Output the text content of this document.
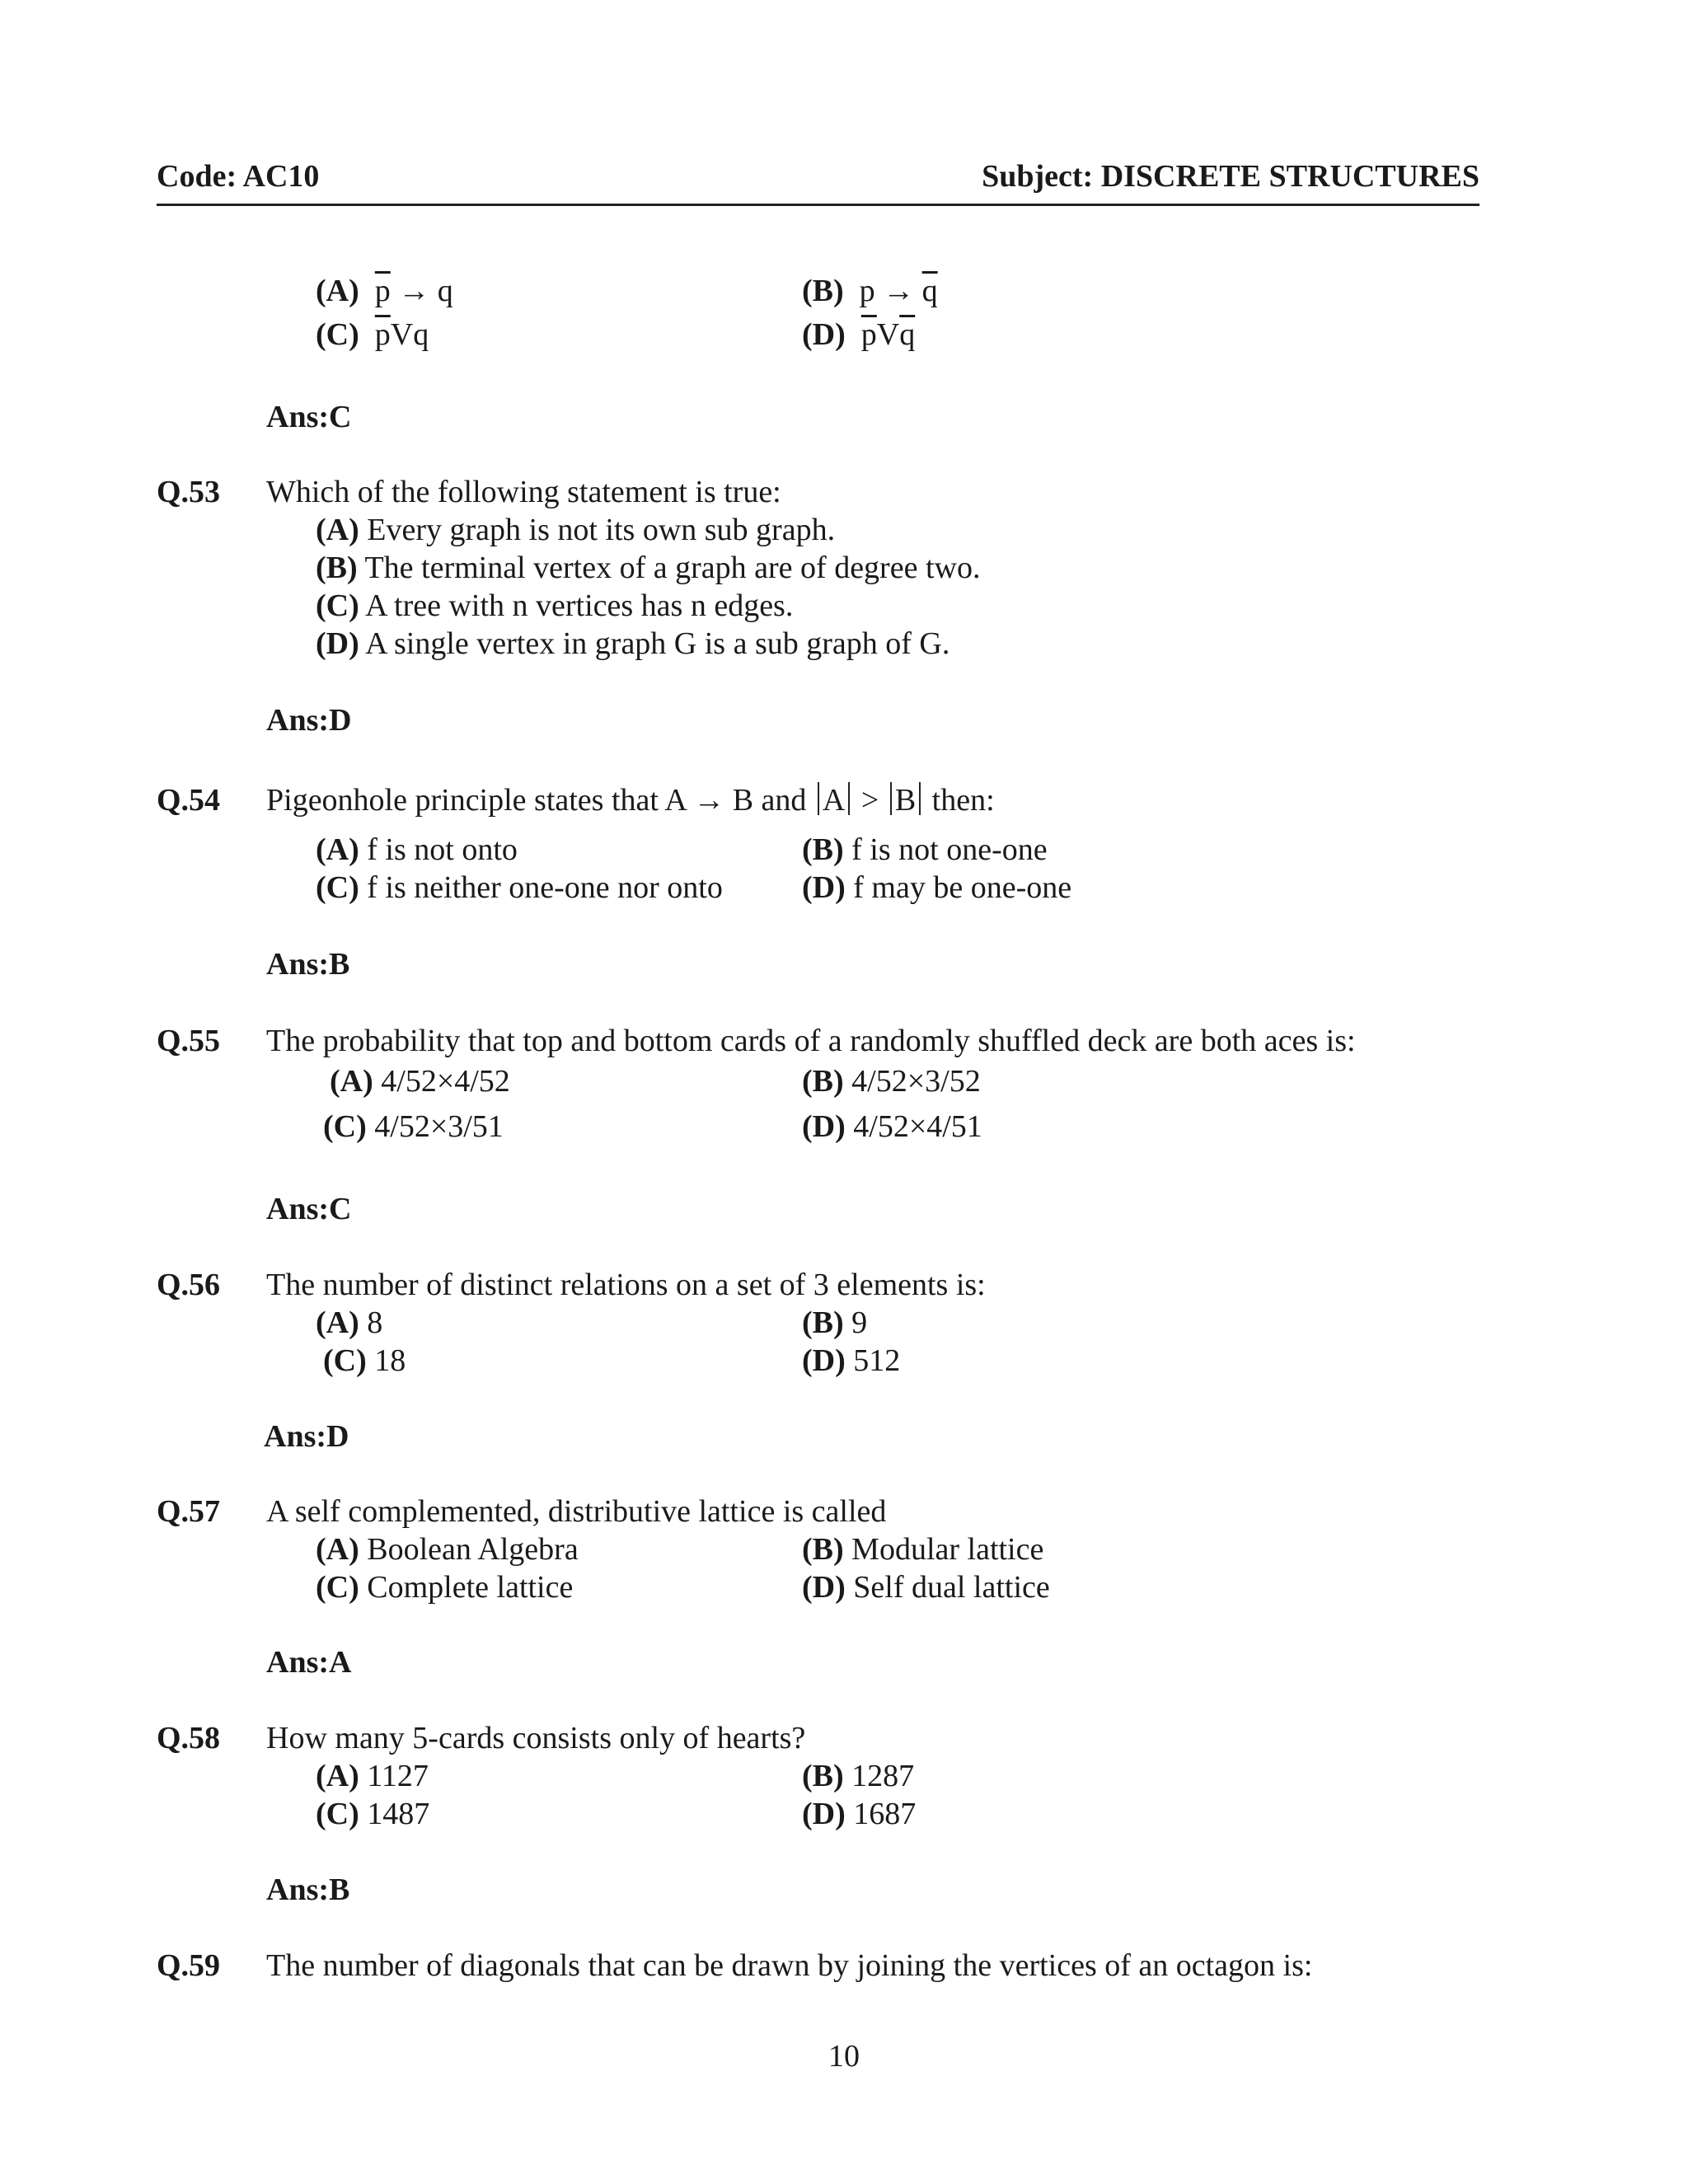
Code: AC10	Subject: DISCRETE STRUCTURES
(A) $\overline{p} \to q$	(B) $p \to \overline{q}$
(C) $\overline{p}Vq$	(D) $\overline{p}V\overline{q}$
Ans:C
Q.53 Which of the following statement is true:
(A) Every graph is not its own sub graph.
(B) The terminal vertex of a graph are of degree two.
(C) A tree with n vertices has n edges.
(D) A single vertex in graph G is a sub graph of G.
Ans:D
Q.54 Pigeonhole principle states that A → B and A > B then:
(A) f is not onto	(B) f is not one-one
(C) f is neither one-one nor onto	(D) f may be one-one
Ans:B
Q.55 The probability that top and bottom cards of a randomly shuffled deck are both aces is:
(A) 4/52×4/52	(B) 4/52×3/52
(C) 4/52×3/51	(D) 4/52×4/51
Ans:C
Q.56 The number of distinct relations on a set of 3 elements is:
(A) 8	(B) 9
(C) 18	(D) 512
Ans:D
Q.57 A self complemented, distributive lattice is called
(A) Boolean Algebra	(B) Modular lattice
(C) Complete lattice	(D) Self dual lattice
Ans:A
Q.58 How many 5-cards consists only of hearts?
(A) 1127	(B) 1287
(C) 1487	(D) 1687
Ans:B
Q.59 The number of diagonals that can be drawn by joining the vertices of an octagon is:
10
